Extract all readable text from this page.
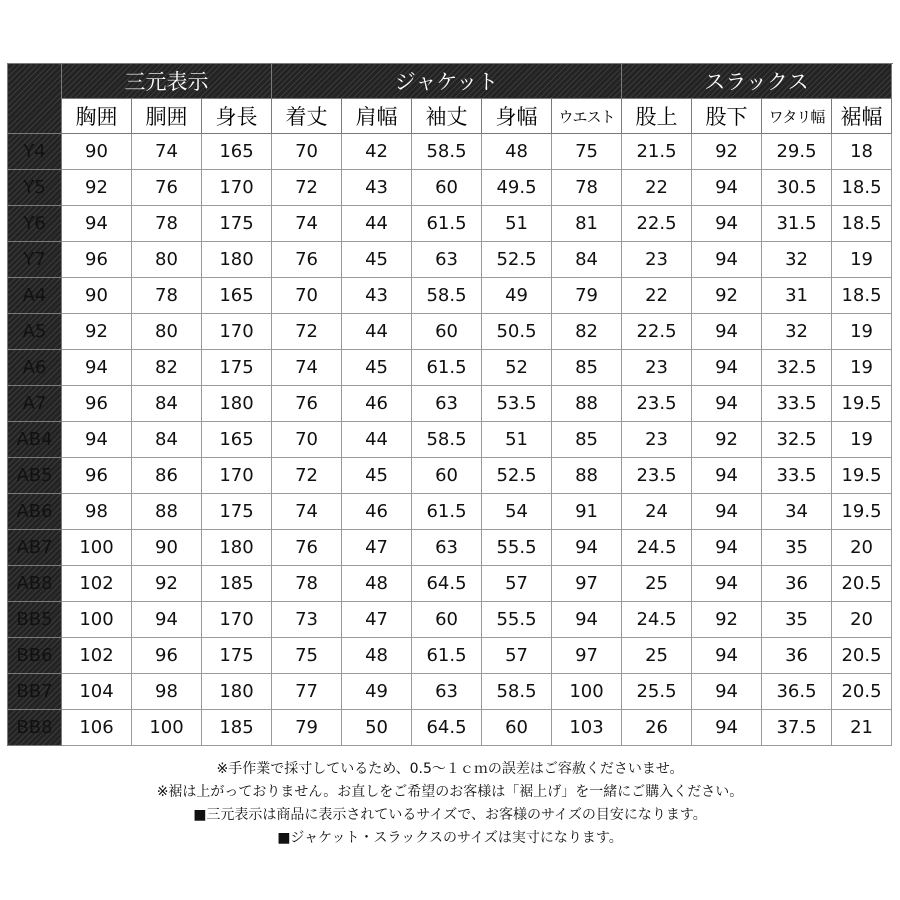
	三元表示			ジャケット					スラックス			
	胸囲	胴囲	身長	着丈	肩幅	袖丈	身幅	ウエスト	股上	股下	ワタリ幅	裾幅
Y4	90	74	165	70	42	58.5	48	75	21.5	92	29.5	18
Y5	92	76	170	72	43	60	49.5	78	22	94	30.5	18.5
Y6	94	78	175	74	44	61.5	51	81	22.5	94	31.5	18.5
Y7	96	80	180	76	45	63	52.5	84	23	94	32	19
A4	90	78	165	70	43	58.5	49	79	22	92	31	18.5
A5	92	80	170	72	44	60	50.5	82	22.5	94	32	19
A6	94	82	175	74	45	61.5	52	85	23	94	32.5	19
A7	96	84	180	76	46	63	53.5	88	23.5	94	33.5	19.5
AB4	94	84	165	70	44	58.5	51	85	23	92	32.5	19
AB5	96	86	170	72	45	60	52.5	88	23.5	94	33.5	19.5
AB6	98	88	175	74	46	61.5	54	91	24	94	34	19.5
AB7	100	90	180	76	47	63	55.5	94	24.5	94	35	20
AB8	102	92	185	78	48	64.5	57	97	25	94	36	20.5
BB5	100	94	170	73	47	60	55.5	94	24.5	92	35	20
BB6	102	96	175	75	48	61.5	57	97	25	94	36	20.5
BB7	104	98	180	77	49	63	58.5	100	25.5	94	36.5	20.5
BB8	106	100	185	79	50	64.5	60	103	26	94	37.5	21

※手作業で採寸しているため、0.5～１ｃｍの誤差はご容赦くださいませ。

※裾は上がっておりません。お直しをご希望のお客様は「裾上げ」を一緒にご購入ください。

■三元表示は商品に表示されているサイズで、お客様のサイズの目安になります。

■ジャケット・スラックスのサイズは実寸になります。
